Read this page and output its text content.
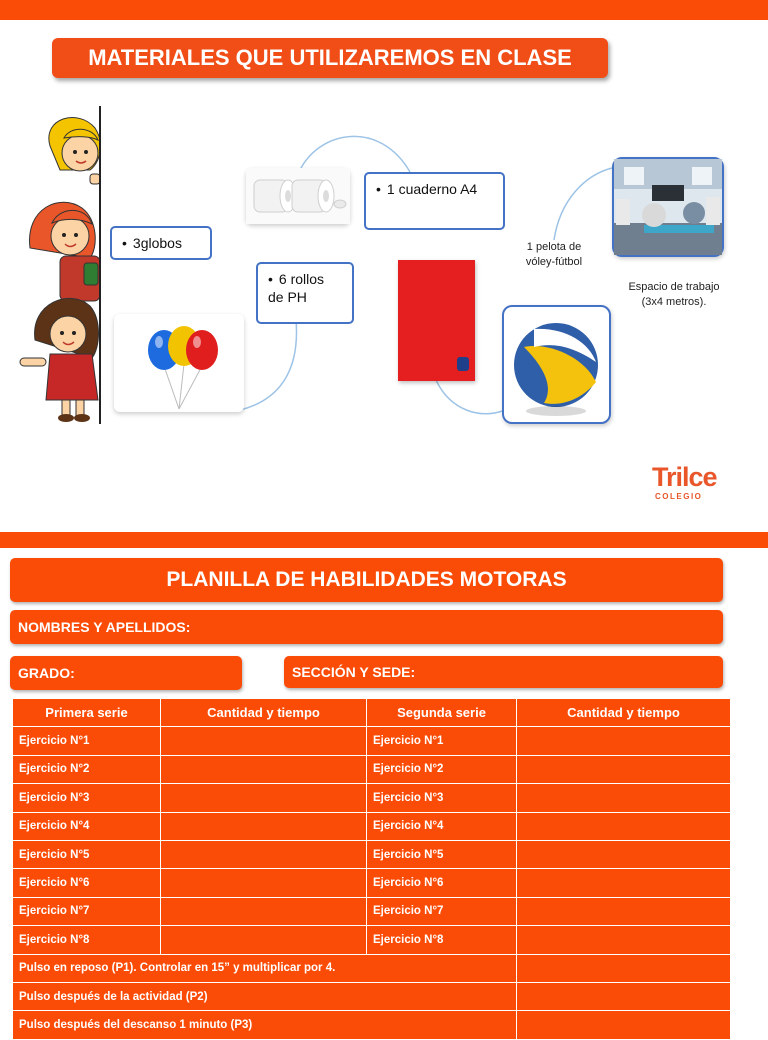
MATERIALES QUE UTILIZAREMOS EN CLASE
• 3globos
• 1 cuaderno A4
• 6 rollos de PH
1 pelota de vóley-fútbol
Espacio de trabajo (3x4 metros).
Trilce
COLEGIO
PLANILLA DE HABILIDADES MOTORAS
NOMBRES Y APELLIDOS:
GRADO:	SECCIÓN Y SEDE:
Primera serie	Cantidad y tiempo	Segunda serie	Cantidad y tiempo
Ejercicio N°1		Ejercicio N°1	
Ejercicio N°2		Ejercicio N°2	
Ejercicio N°3		Ejercicio N°3	
Ejercicio N°4		Ejercicio N°4	
Ejercicio N°5		Ejercicio N°5	
Ejercicio N°6		Ejercicio N°6	
Ejercicio N°7		Ejercicio N°7	
Ejercicio N°8		Ejercicio N°8	
Pulso en reposo (P1). Controlar en 15” y multiplicar por 4.			
Pulso después de la actividad (P2)			
Pulso después del descanso 1 minuto (P3)			
